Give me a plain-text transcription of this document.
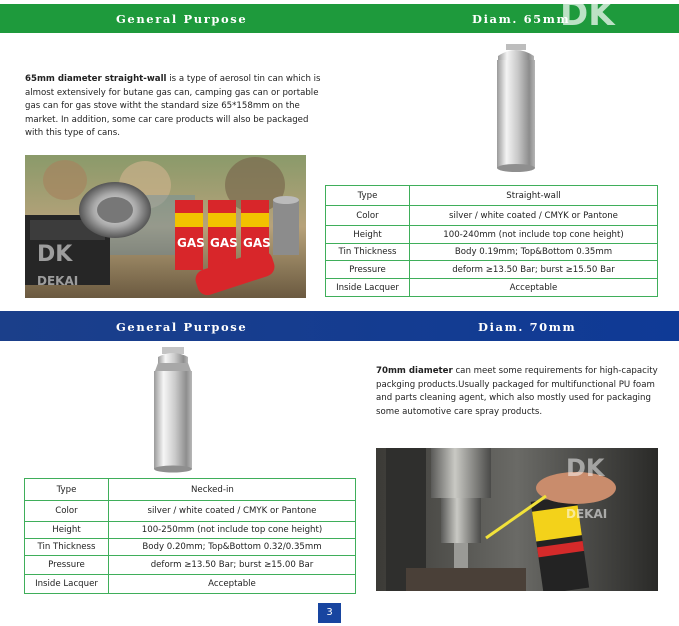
General Purpose	Diam. 65mm
DK
65mm diameter straight-wall is a type of aerosol tin can which is almost extensively for butane gas can, camping gas can or portable gas can for gas stove witht the standard size 65*158mm on the market. In addition, some car care products will also be packaged with this type of cans.
GAS GAS GAS
DK
DEKAI
Type	Straight-wall
Color	silver / white coated / CMYK or Pantone
Height	100-240mm (not include top cone height)
Tin Thickness	Body 0.19mm; Top&Bottom 0.35mm
Pressure	deform ≥13.50 Bar; burst ≥15.50 Bar
Inside Lacquer	Acceptable
General Purpose	Diam. 70mm
Type	Necked-in
Color	silver / white coated / CMYK or Pantone
Height	100-250mm (not include top cone height)
Tin Thickness	Body 0.20mm; Top&Bottom 0.32/0.35mm
Pressure	deform ≥13.50 Bar; burst ≥15.00 Bar
Inside Lacquer	Acceptable
70mm diameter can meet some requirements for high-capacity packging products.Usually packaged for multifunctional PU foam and parts cleaning agent, which also mostly used for packaging some automotive care spray products.
DK
DEKAI
3
